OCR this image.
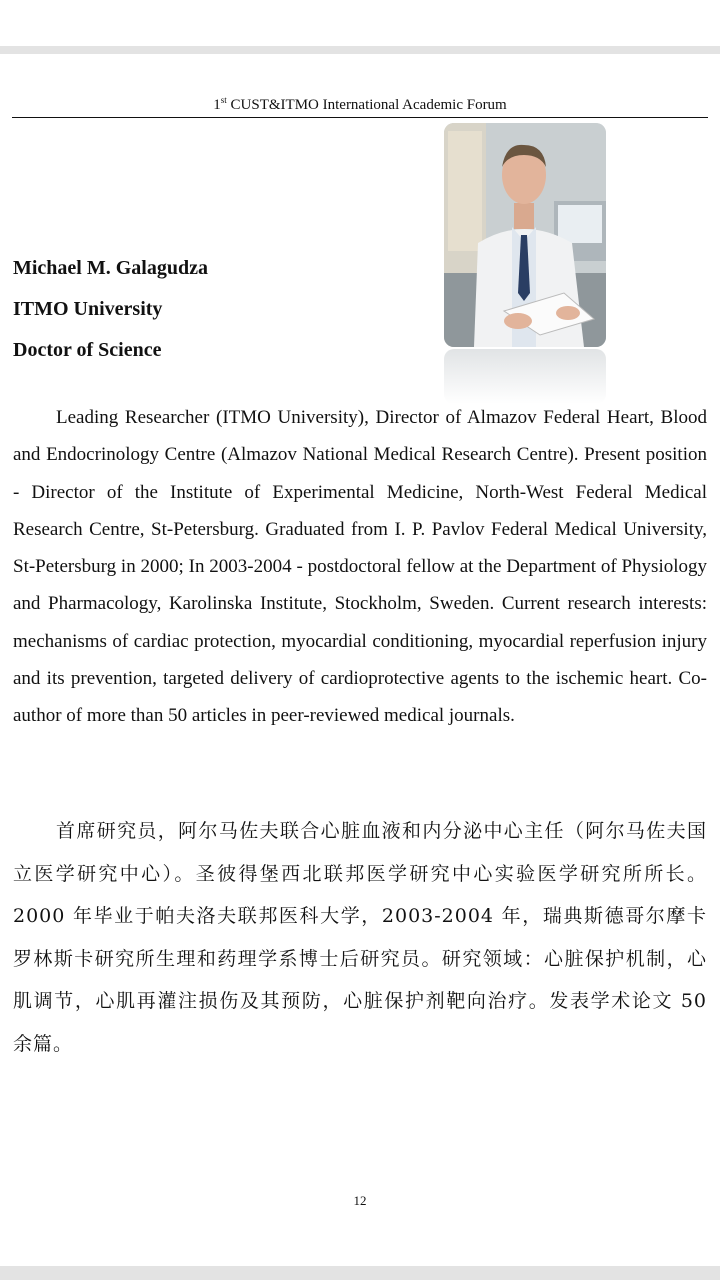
1st CUST&ITMO International Academic Forum
Michael M. Galagudza
ITMO University
Doctor of Science
Leading Researcher (ITMO University), Director of Almazov Federal Heart, Blood and Endocrinology Centre (Almazov National Medical Research Centre). Present position - Director of the Institute of Experimental Medicine, North-West Federal Medical Research Centre, St-Petersburg. Graduated from I. P. Pavlov Federal Medical University, St-Petersburg in 2000; In 2003-2004 - postdoctoral fellow at the Department of Physiology and Pharmacology, Karolinska Institute, Stockholm, Sweden. Current research interests: mechanisms of cardiac protection, myocardial conditioning, myocardial reperfusion injury and its prevention, targeted delivery of cardioprotective agents to the ischemic heart. Co-author of more than 50 articles in peer-reviewed medical journals.
首席研究员，阿尔马佐夫联合心脏血液和内分泌中心主任（阿尔马佐夫国立医学研究中心）。圣彼得堡西北联邦医学研究中心实验医学研究所所长。2000 年毕业于帕夫洛夫联邦医科大学，2003-2004 年，瑞典斯德哥尔摩卡罗林斯卡研究所生理和药理学系博士后研究员。研究领域：心脏保护机制，心肌调节，心肌再灌注损伤及其预防，心脏保护剂靶向治疗。发表学术论文 50 余篇。
12
